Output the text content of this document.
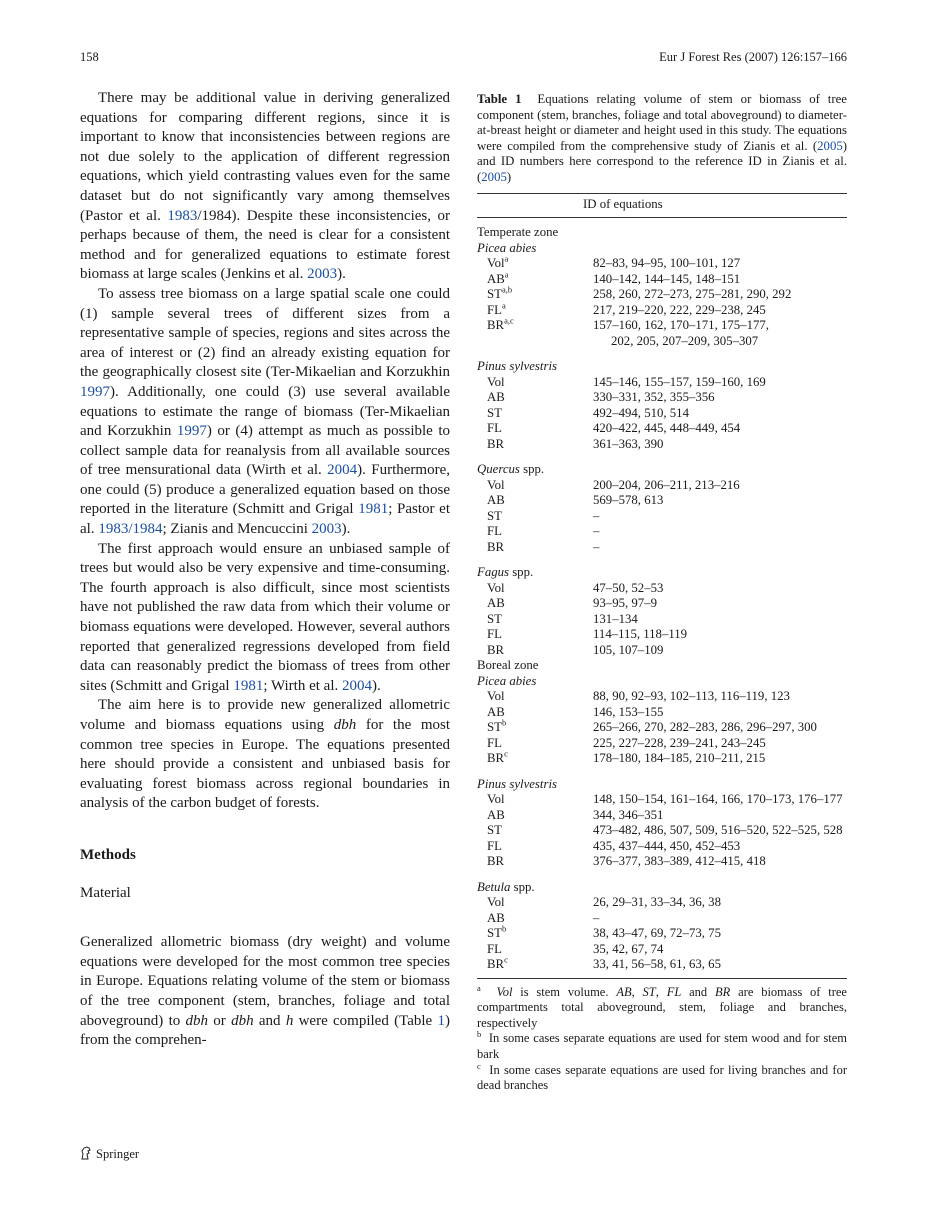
158	Eur J Forest Res (2007) 126:157–166

There may be additional value in deriving generalized equations for comparing different regions, since it is important to know that inconsistencies between regions are not due solely to the application of different regression equations, which yield contrasting values even for the same dataset but do not significantly vary among themselves (Pastor et al. 1983/1984). Despite these inconsistencies, or perhaps because of them, the need is clear for a consistent method and for generalized equations to estimate forest biomass at large scales (Jenkins et al. 2003).

To assess tree biomass on a large spatial scale one could (1) sample several trees of different sizes from a representative sample of species, regions and sites across the area of interest or (2) find an already existing equation for the geographically closest site (Ter-Mikaelian and Korzukhin 1997). Additionally, one could (3) use several available equations to estimate the range of biomass (Ter-Mikaelian and Korzukhin 1997) or (4) attempt as much as possible to collect sample data for reanalysis from all available sources of tree mensurational data (Wirth et al. 2004). Furthermore, one could (5) produce a generalized equation based on those reported in the literature (Schmitt and Grigal 1981; Pastor et al. 1983/1984; Zianis and Mencuccini 2003).

The first approach would ensure an unbiased sample of trees but would also be very expensive and time-consuming. The fourth approach is also difficult, since most scientists have not published the raw data from which their volume or biomass equations were developed. However, several authors reported that generalized regressions developed from field data can reasonably predict the biomass of trees from other sites (Schmitt and Grigal 1981; Wirth et al. 2004).

The aim here is to provide new generalized allometric volume and biomass equations using dbh for the most common tree species in Europe. The equations presented here should provide a consistent and unbiased basis for evaluating forest biomass across regional boundaries in analysis of the carbon budget of forests.

Methods
Material

Generalized allometric biomass (dry weight) and volume equations were developed for the most common tree species in Europe. Equations relating volume of the stem or biomass of the tree component (stem, branches, foliage and total aboveground) to dbh or dbh and h were compiled (Table 1) from the comprehen-

Table 1 Equations relating volume of stem or biomass of tree component (stem, branches, foliage and total aboveground) to diameter-at-breast height or diameter and height used in this study. The equations were compiled from the comprehensive study of Zianis et al. (2005) and ID numbers here correspond to the reference ID in Zianis et al. (2005)

	ID of equations
Temperate zone	
Picea abies	
Vol$^a$	82–83, 94–95, 100–101, 127
$AB^a$	140–142, 144–145, 148–151
ST$^{a,b}$	258, 260, 272–273, 275–281, 290, 292
$FL^a$	217, 219–220, 222, 229–238, 245
BR$^{a,c}$	157–160, 162, 170–171, 175–177,
	202, 205, 207–209, 305–307

Pinus sylvestris	
Vol	145–146, 155–157, 159–160, 169
AB	330–331, 352, 355–356
ST	492–494, 510, 514
FL	420–422, 445, 448–449, 454
BR	361–363, 390

Quercus spp.	
Vol	200–204, 206–211, 213–216
AB	569–578, 613
ST	–
FL	–
BR	–

Fagus spp.	
Vol	47–50, 52–53
AB	93–95, 97–9
ST	131–134
FL	114–115, 118–119
BR	105, 107–109
Boreal zone	
Picea abies	
Vol	88, 90, 92–93, 102–113, 116–119, 123
AB	146, 153–155
$ST^b$	265–266, 270, 282–283, 286, 296–297, 300
FL	225, 227–228, 239–241, 243–245
$BR^c$	178–180, 184–185, 210–211, 215

Pinus sylvestris	
Vol	148, 150–154, 161–164, 166, 170–173, 176–177
AB	344, 346–351
ST	473–482, 486, 507, 509, 516–520, 522–525, 528
FL	435, 437–444, 450, 452–453
BR	376–377, 383–389, 412–415, 418

Betula spp.	
Vol	26, 29–31, 33–34, 36, 38
AB	–
$ST^b$	38, 43–47, 69, 72–73, 75
FL	35, 42, 67, 74
$BR^c$	33, 41, 56–58, 61, 63, 65

$^a$ Vol is stem volume. AB, ST, FL and BR are biomass of tree compartments total aboveground, stem, foliage and branches, respectively

$^b$ In some cases separate equations are used for stem wood and for stem bark

$^c$ In some cases separate equations are used for living branches and for dead branches

Springer
